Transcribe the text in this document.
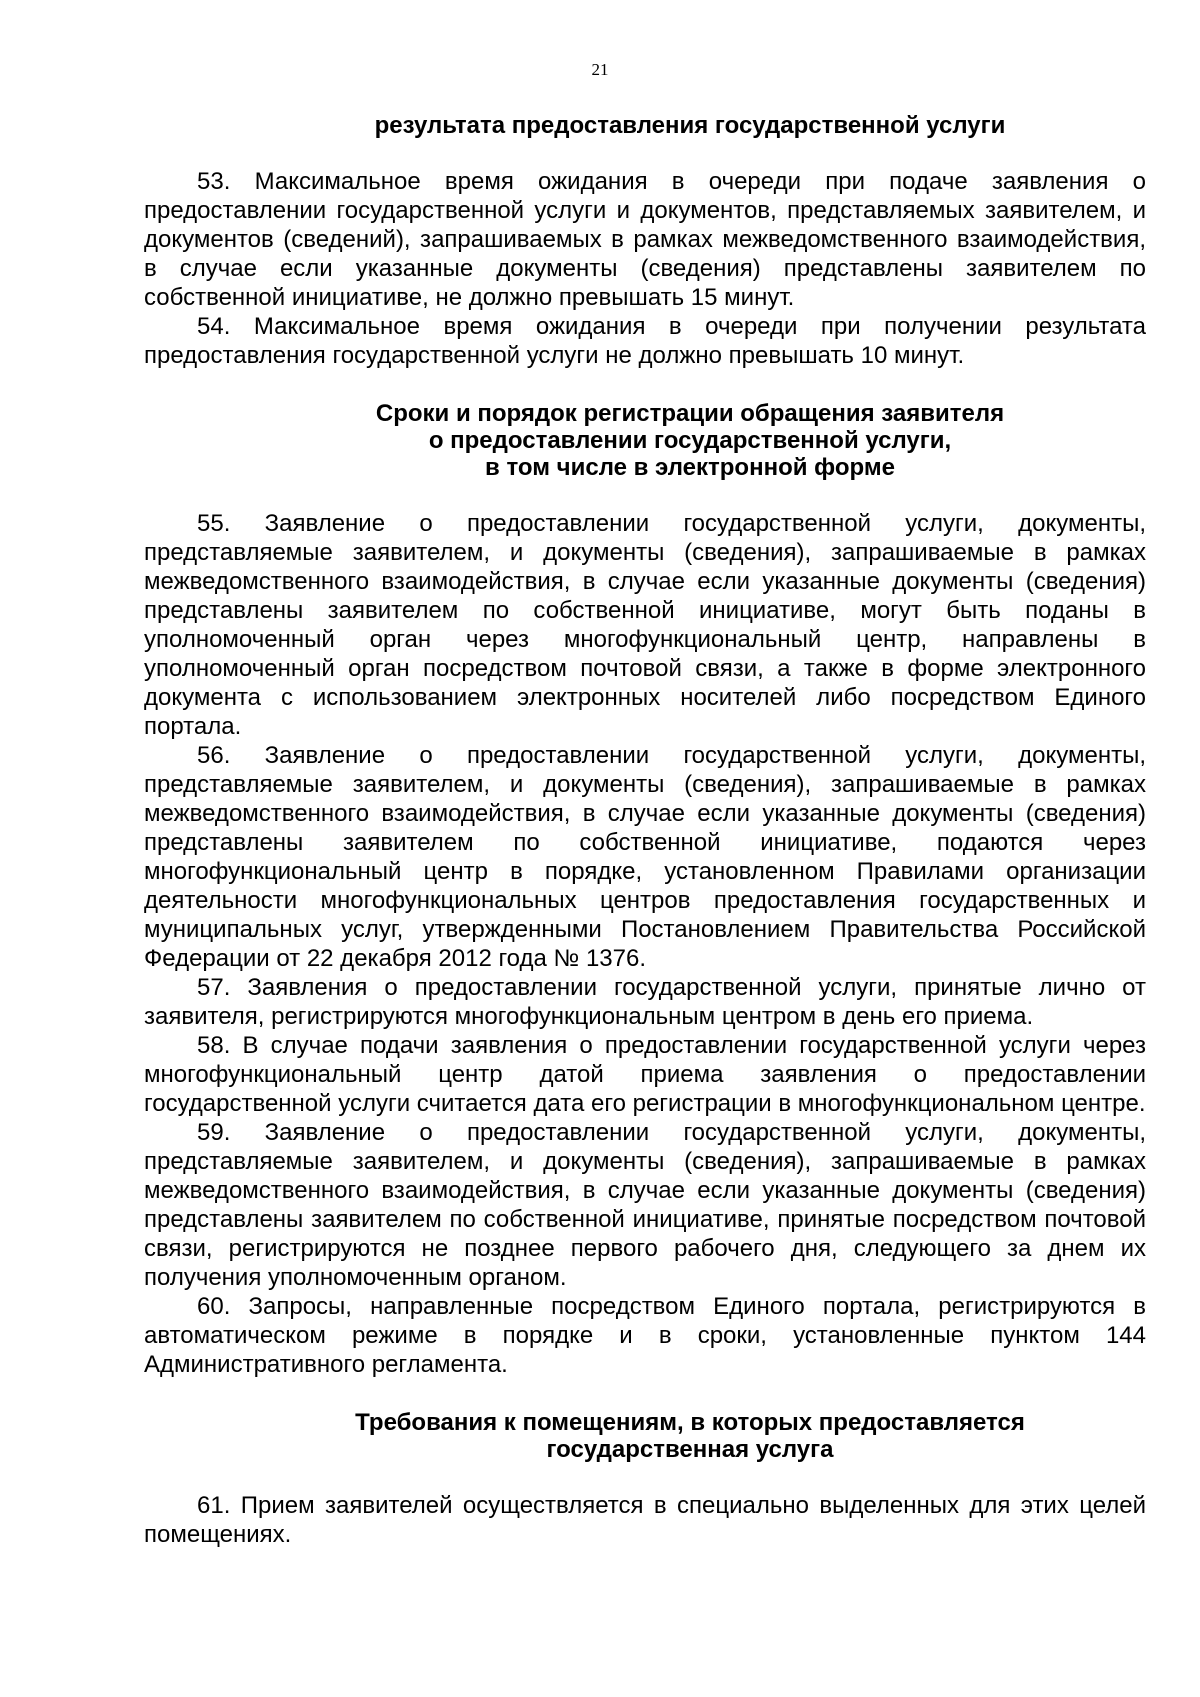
21
результата предоставления государственной услуги

53. Максимальное время ожидания в очереди при подаче заявления о предоставлении государственной услуги и документов, представляемых заявителем, и документов (сведений), запрашиваемых в рамках межведомственного взаимодействия, в случае если указанные документы (сведения) представлены заявителем по собственной инициативе, не должно превышать 15 минут.

54. Максимальное время ожидания в очереди при получении результата предоставления государственной услуги не должно превышать 10 минут.

Сроки и порядок регистрации обращения заявителя
о предоставлении государственной услуги,
в том числе в электронной форме

55. Заявление о предоставлении государственной услуги, документы, представляемые заявителем, и документы (сведения), запрашиваемые в рамках межведомственного взаимодействия, в случае если указанные документы (сведения) представлены заявителем по собственной инициативе, могут быть поданы в уполномоченный орган через многофункциональный центр, направлены в уполномоченный орган посредством почтовой связи, а также в форме электронного документа с использованием электронных носителей либо посредством Единого портала.

56. Заявление о предоставлении государственной услуги, документы, представляемые заявителем, и документы (сведения), запрашиваемые в рамках межведомственного взаимодействия, в случае если указанные документы (сведения) представлены заявителем по собственной инициативе, подаются через многофункциональный центр в порядке, установленном Правилами организации деятельности многофункциональных центров предоставления государственных и муниципальных услуг, утвержденными Постановлением Правительства Российской Федерации от 22 декабря 2012 года № 1376.

57. Заявления о предоставлении государственной услуги, принятые лично от заявителя, регистрируются многофункциональным центром в день его приема.

58. В случае подачи заявления о предоставлении государственной услуги через многофункциональный центр датой приема заявления о предоставлении государственной услуги считается дата его регистрации в многофункциональном центре.

59. Заявление о предоставлении государственной услуги, документы, представляемые заявителем, и документы (сведения), запрашиваемые в рамках межведомственного взаимодействия, в случае если указанные документы (сведения) представлены заявителем по собственной инициативе, принятые посредством почтовой связи, регистрируются не позднее первого рабочего дня, следующего за днем их получения уполномоченным органом.

60. Запросы, направленные посредством Единого портала, регистрируются в автоматическом режиме в порядке и в сроки, установленные пунктом 144 Административного регламента.

Требования к помещениям, в которых предоставляется
государственная услуга

61. Прием заявителей осуществляется в специально выделенных для этих целей помещениях.
